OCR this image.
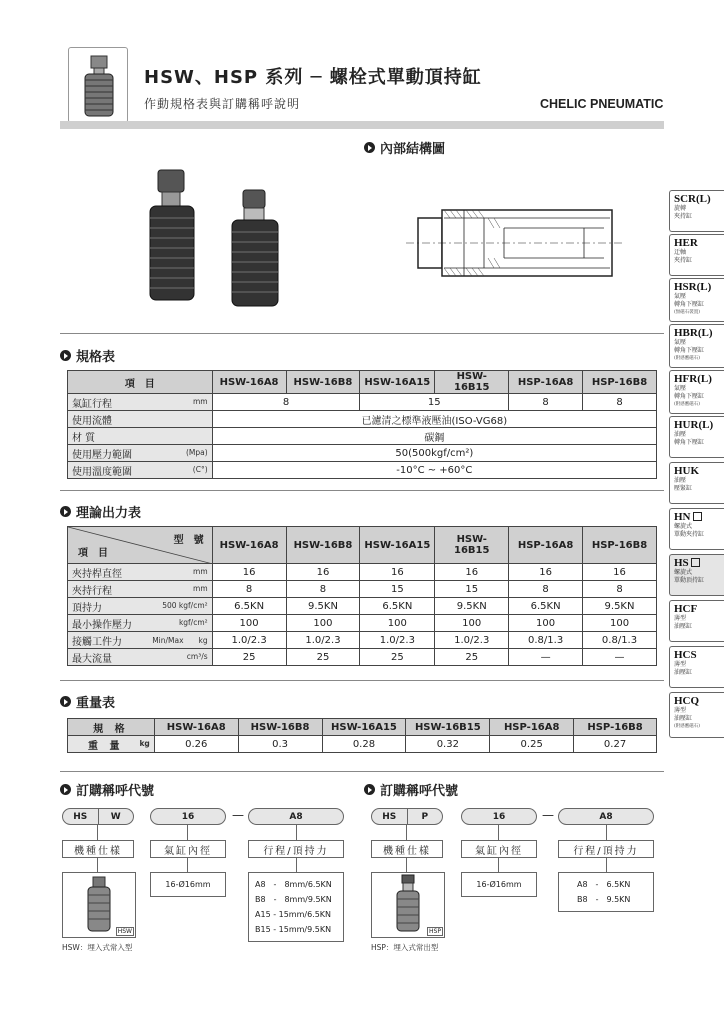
HSW、HSP 系列 ─ 螺栓式單動頂持缸
作動規格表與訂購稱呼說明	CHELIC PNEUMATIC
內部結構圖
規格表
項　目	HSW-16A8	HSW-16B8	HSW-16A15	HSW-16B15	HSP-16A8	HSP-16B8
氣缸行程 mm	8		15		8	8
使用流體	已濾清之標準液壓油(ISO-VG68)					
材 質	碳鋼					
使用壓力範圍 (Mpa)	50(500kgf/cm²)					
使用溫度範圍 (C°)	-10°C ~ +60°C					
理論出力表
型　號
項　目	HSW-16A8	HSW-16B8	HSW-16A15	HSW-16B15	HSP-16A8	HSP-16B8
夾持桿直徑 mm	16	16	16	16	16	16
夾持行程 mm	8	8	15	15	8	8
頂持力 500 kgf/cm²	6.5KN	9.5KN	6.5KN	9.5KN	6.5KN	9.5KN
最小操作壓力 kgf/cm²	100	100	100	100	100	100
接觸工件力 Min/Max　　kg	1.0/2.3	1.0/2.3	1.0/2.3	1.0/2.3	0.8/1.3	0.8/1.3
最大流量 cm³/s	25	25	25	25	—	—
重量表
規 格	HSW-16A8	HSW-16B8	HSW-16A15	HSW-16B15	HSP-16A8	HSP-16B8
重 量 kg	0.26	0.3	0.28	0.32	0.25	0.27
訂購稱呼代號
HS	W	16	—	A8
機種仕樣	氣缸內徑	行程/頂持力
HSW
16-Ø16mm	A8　-　8mm/6.5KN
B8　-　8mm/9.5KN
A15 - 15mm/6.5KN
B15 - 15mm/9.5KN
HSW：埋入式常入型
訂購稱呼代號
HS	P	16	—	A8
機種仕樣	氣缸內徑	行程/頂持力
HSP
16-Ø16mm	A8　-　6.5KN
B8　-　9.5KN
HSP：埋入式常出型
SCR(L)
旋轉
夾持缸
HER
迂軸
夾持缸
HSR(L)
氣壓
轉角下壓缸
(無磁石裝置)
HBR(L)
氣壓
轉角下壓缸
(附感應磁石)
HFR(L)
氣壓
轉角下壓缸
(附感應磁石)
HUR(L)
油壓
轉角下壓缸
HUK
油壓
壓緊缸
HN
螺旋式
單動夾持缸
HS
螺旋式
單動頂持缸
HCF
薄型
油壓缸
HCS
薄型
油壓缸
HCQ
薄型
油壓缸
(附感應磁石)
